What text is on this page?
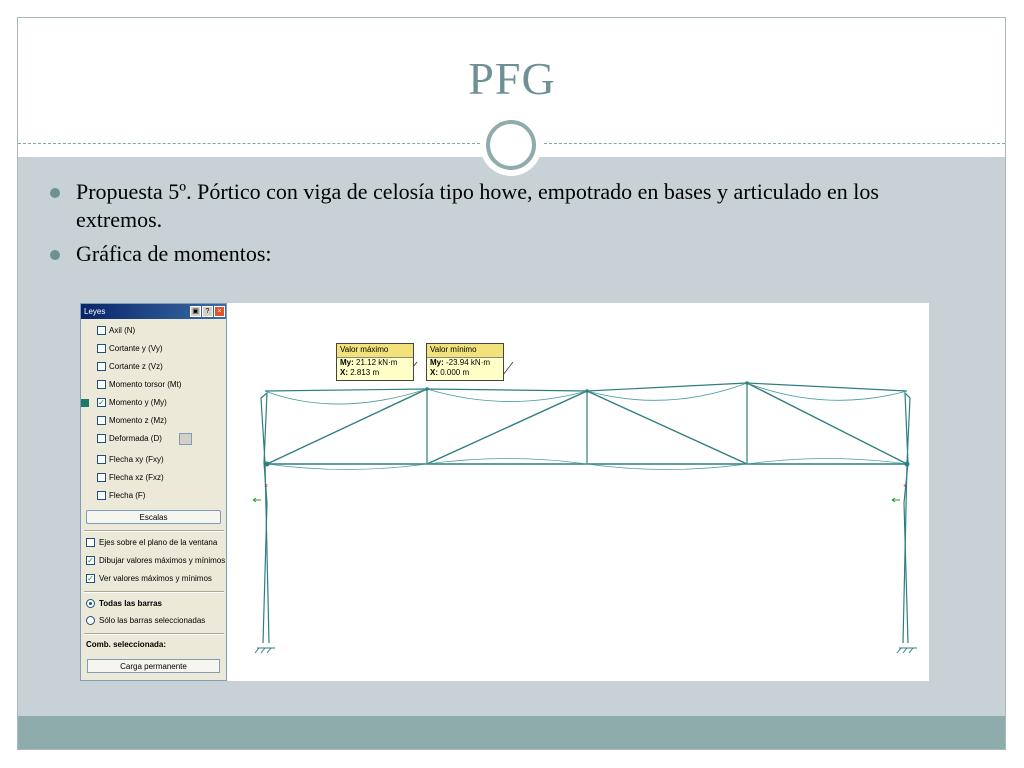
PFG
Propuesta 5º. Pórtico con viga de celosía tipo howe, empotrado en bases y articulado en los extremos.
Gráfica de momentos:
Leyes	▣ ?	×
Axil (N)
Cortante y (Vy)
Cortante z (Vz)
Momento torsor (Mt)
✓ Momento y (My)
Momento z (Mz)
Deformada (D)
Flecha xy (Fxy)
Flecha xz (Fxz)
Flecha (F)
Escalas
Ejes sobre el plano de la ventana
✓ Dibujar valores máximos y mínimos
✓ Ver valores máximos y mínimos
Todas las barras
Sólo las barras seleccionadas
Comb. seleccionada:
Carga permanente
×	×
Valor máximo
My: 21.12 kN·m
X: 2.813 m
Valor mínimo
My: -23.94 kN·m
X: 0.000 m
